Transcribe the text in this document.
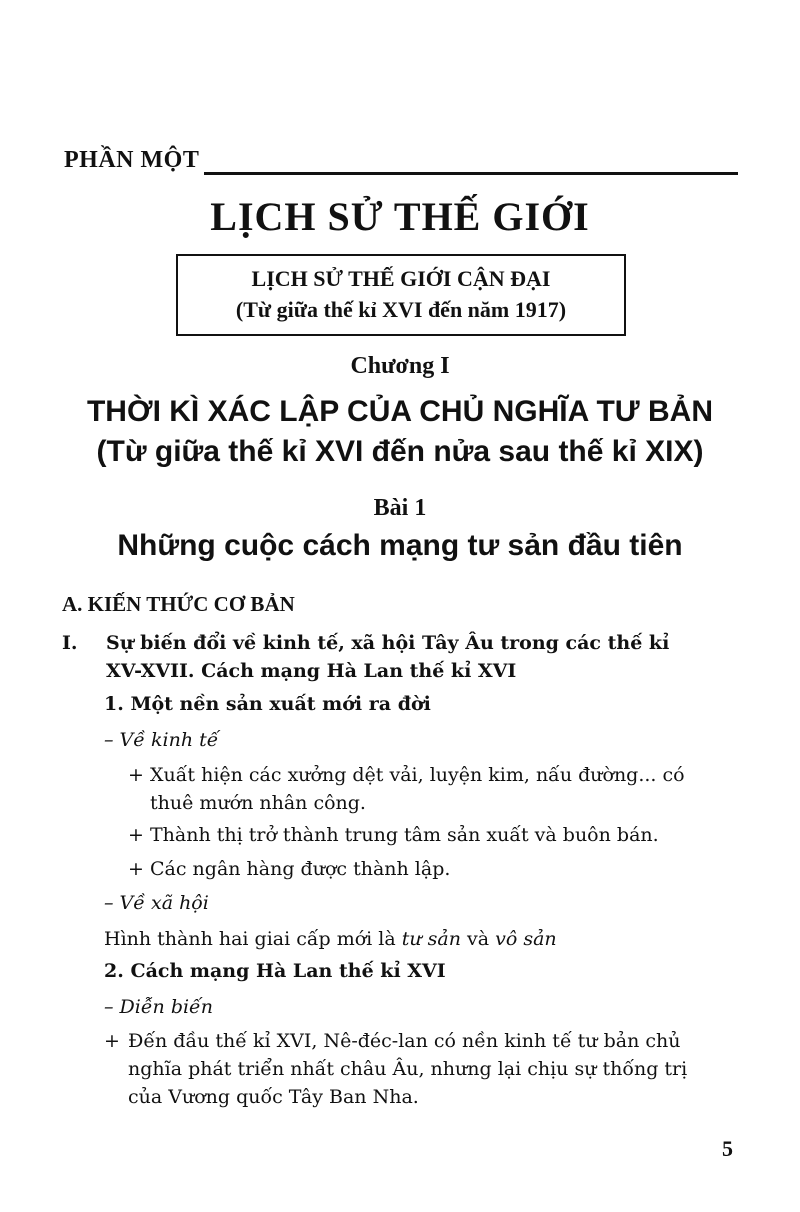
PHẦN MỘT
LỊCH SỬ THẾ GIỚI
LỊCH SỬ THẾ GIỚI CẬN ĐẠI
(Từ giữa thế kỉ XVI đến năm 1917)
Chương I
THỜI KÌ XÁC LẬP CỦA CHỦ NGHĨA TƯ BẢN
(Từ giữa thế kỉ XVI đến nửa sau thế kỉ XIX)
Bài 1
Những cuộc cách mạng tư sản đầu tiên
A. KIẾN THỨC CƠ BẢN
I. Sự biến đổi về kinh tế, xã hội Tây Âu trong các thế kỉ
XV-XVII. Cách mạng Hà Lan thế kỉ XVI
1. Một nền sản xuất mới ra đời
– Về kinh tế
+ Xuất hiện các xưởng dệt vải, luyện kim, nấu đường... có
thuê mướn nhân công.
+ Thành thị trở thành trung tâm sản xuất và buôn bán.
+ Các ngân hàng được thành lập.
– Về xã hội
Hình thành hai giai cấp mới là tư sản và vô sản
2. Cách mạng Hà Lan thế kỉ XVI
– Diễn biến
+ Đến đầu thế kỉ XVI, Nê-đéc-lan có nền kinh tế tư bản chủ
nghĩa phát triển nhất châu Âu, nhưng lại chịu sự thống trị
của Vương quốc Tây Ban Nha.
5
